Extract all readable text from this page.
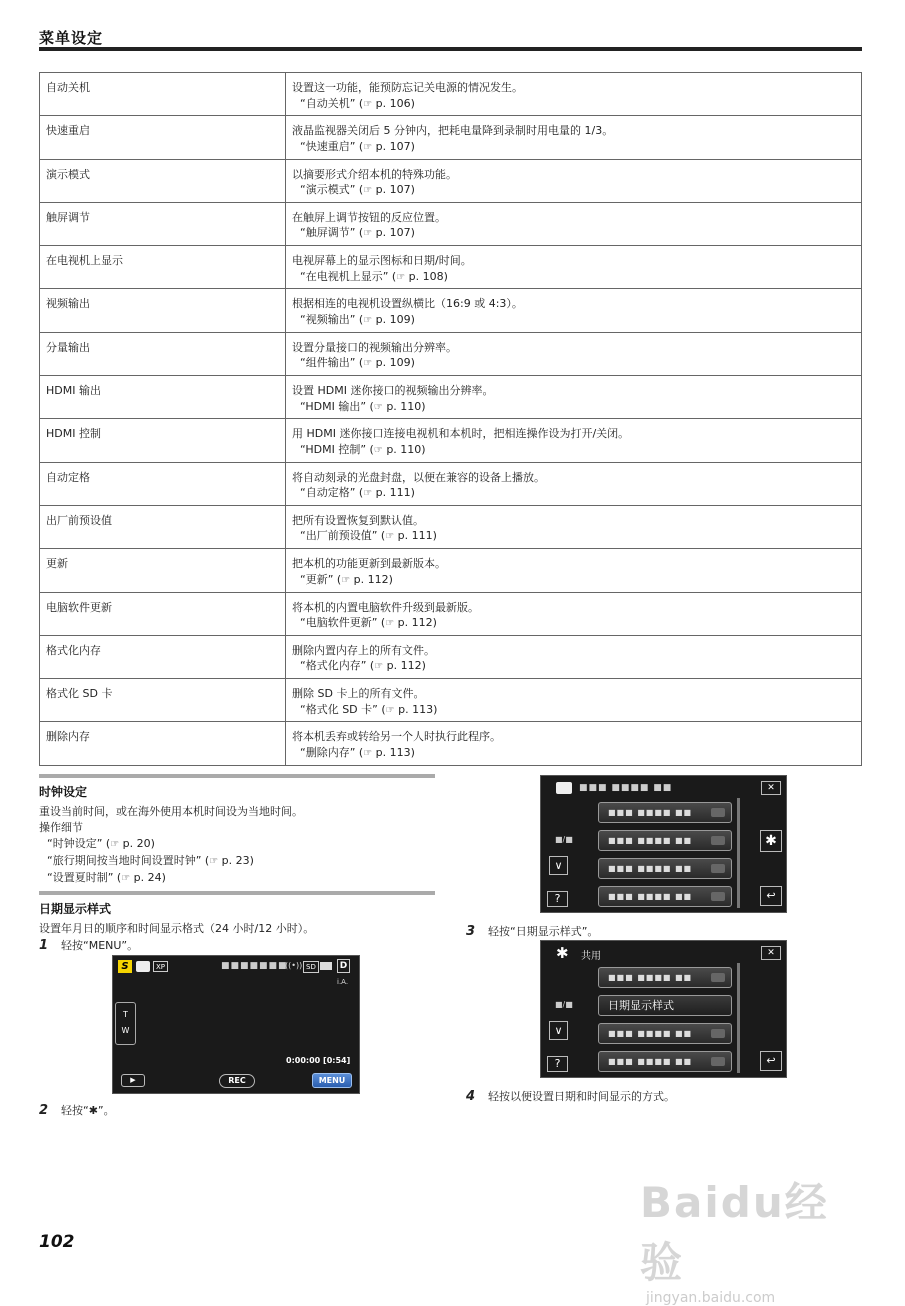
菜单设定
自动关机	设置这一功能，能预防忘记关电源的情况发生。
“自动关机” (☞ p. 106)

快速重启	液晶监视器关闭后 5 分钟内，把耗电量降到录制时用电量的 1/3。
“快速重启” (☞ p. 107)

演示模式	以摘要形式介绍本机的特殊功能。
“演示模式” (☞ p. 107)

触屏调节	在触屏上调节按钮的反应位置。
“触屏调节” (☞ p. 107)

在电视机上显示	电视屏幕上的显示图标和日期/时间。
“在电视机上显示” (☞ p. 108)

视频输出	根据相连的电视机设置纵横比（16:9 或 4:3）。
“视频输出” (☞ p. 109)

分量输出	设置分量接口的视频输出分辨率。
“组件输出” (☞ p. 109)

HDMI 输出	设置 HDMI 迷你接口的视频输出分辨率。
“HDMI 输出” (☞ p. 110)

HDMI 控制	用 HDMI 迷你接口连接电视机和本机时，把相连操作设为打开/关闭。
“HDMI 控制” (☞ p. 110)

自动定格	将自动刻录的光盘封盘，以便在兼容的设备上播放。
“自动定格” (☞ p. 111)

出厂前预设值	把所有设置恢复到默认值。
“出厂前预设值” (☞ p. 111)

更新	把本机的功能更新到最新版本。
“更新” (☞ p. 112)

电脑软件更新	将本机的内置电脑软件升级到最新版。
“电脑软件更新” (☞ p. 112)

格式化内存	删除内置内存上的所有文件。
“格式化内存” (☞ p. 112)

格式化 SD 卡	删除 SD 卡上的所有文件。
“格式化 SD 卡” (☞ p. 113)

删除内存	将本机丢弃或转给另一个人时执行此程序。
“删除内存” (☞ p. 113)
时钟设定
重设当前时间，或在海外使用本机时间设为当地时间。
操作细节
“时钟设定” (☞ p. 20)
“旅行期间按当地时间设置时钟” (☞ p. 23)
“设置夏时制” (☞ p. 24)
日期显示样式
设置年月日的顺序和时间显示格式（24 小时/12 小时）。
1	轻按“MENU”。
S	XP	■■■■■■■
((•)) SD	D
i.A.
T
W
0:00:00 [0:54]
▶	REC	MENU
2	轻按“ ✱ ”。
■■■ ■■■■ ■■	✕
■■■ ■■■■ ■■
■■■ ■■■■ ■■
■■■ ■■■■ ■■
■■■ ■■■■ ■■
■/■
∨
?
✱
↩
3	轻按“日期显示样式”。
✱ 共用	✕
■■■ ■■■■ ■■
日期显示样式
■■■ ■■■■ ■■
■■■ ■■■■ ■■
■/■
∨
?	↩
4	轻按以便设置日期和时间显示的方式。
102
Baidu经验
jingyan.baidu.com
